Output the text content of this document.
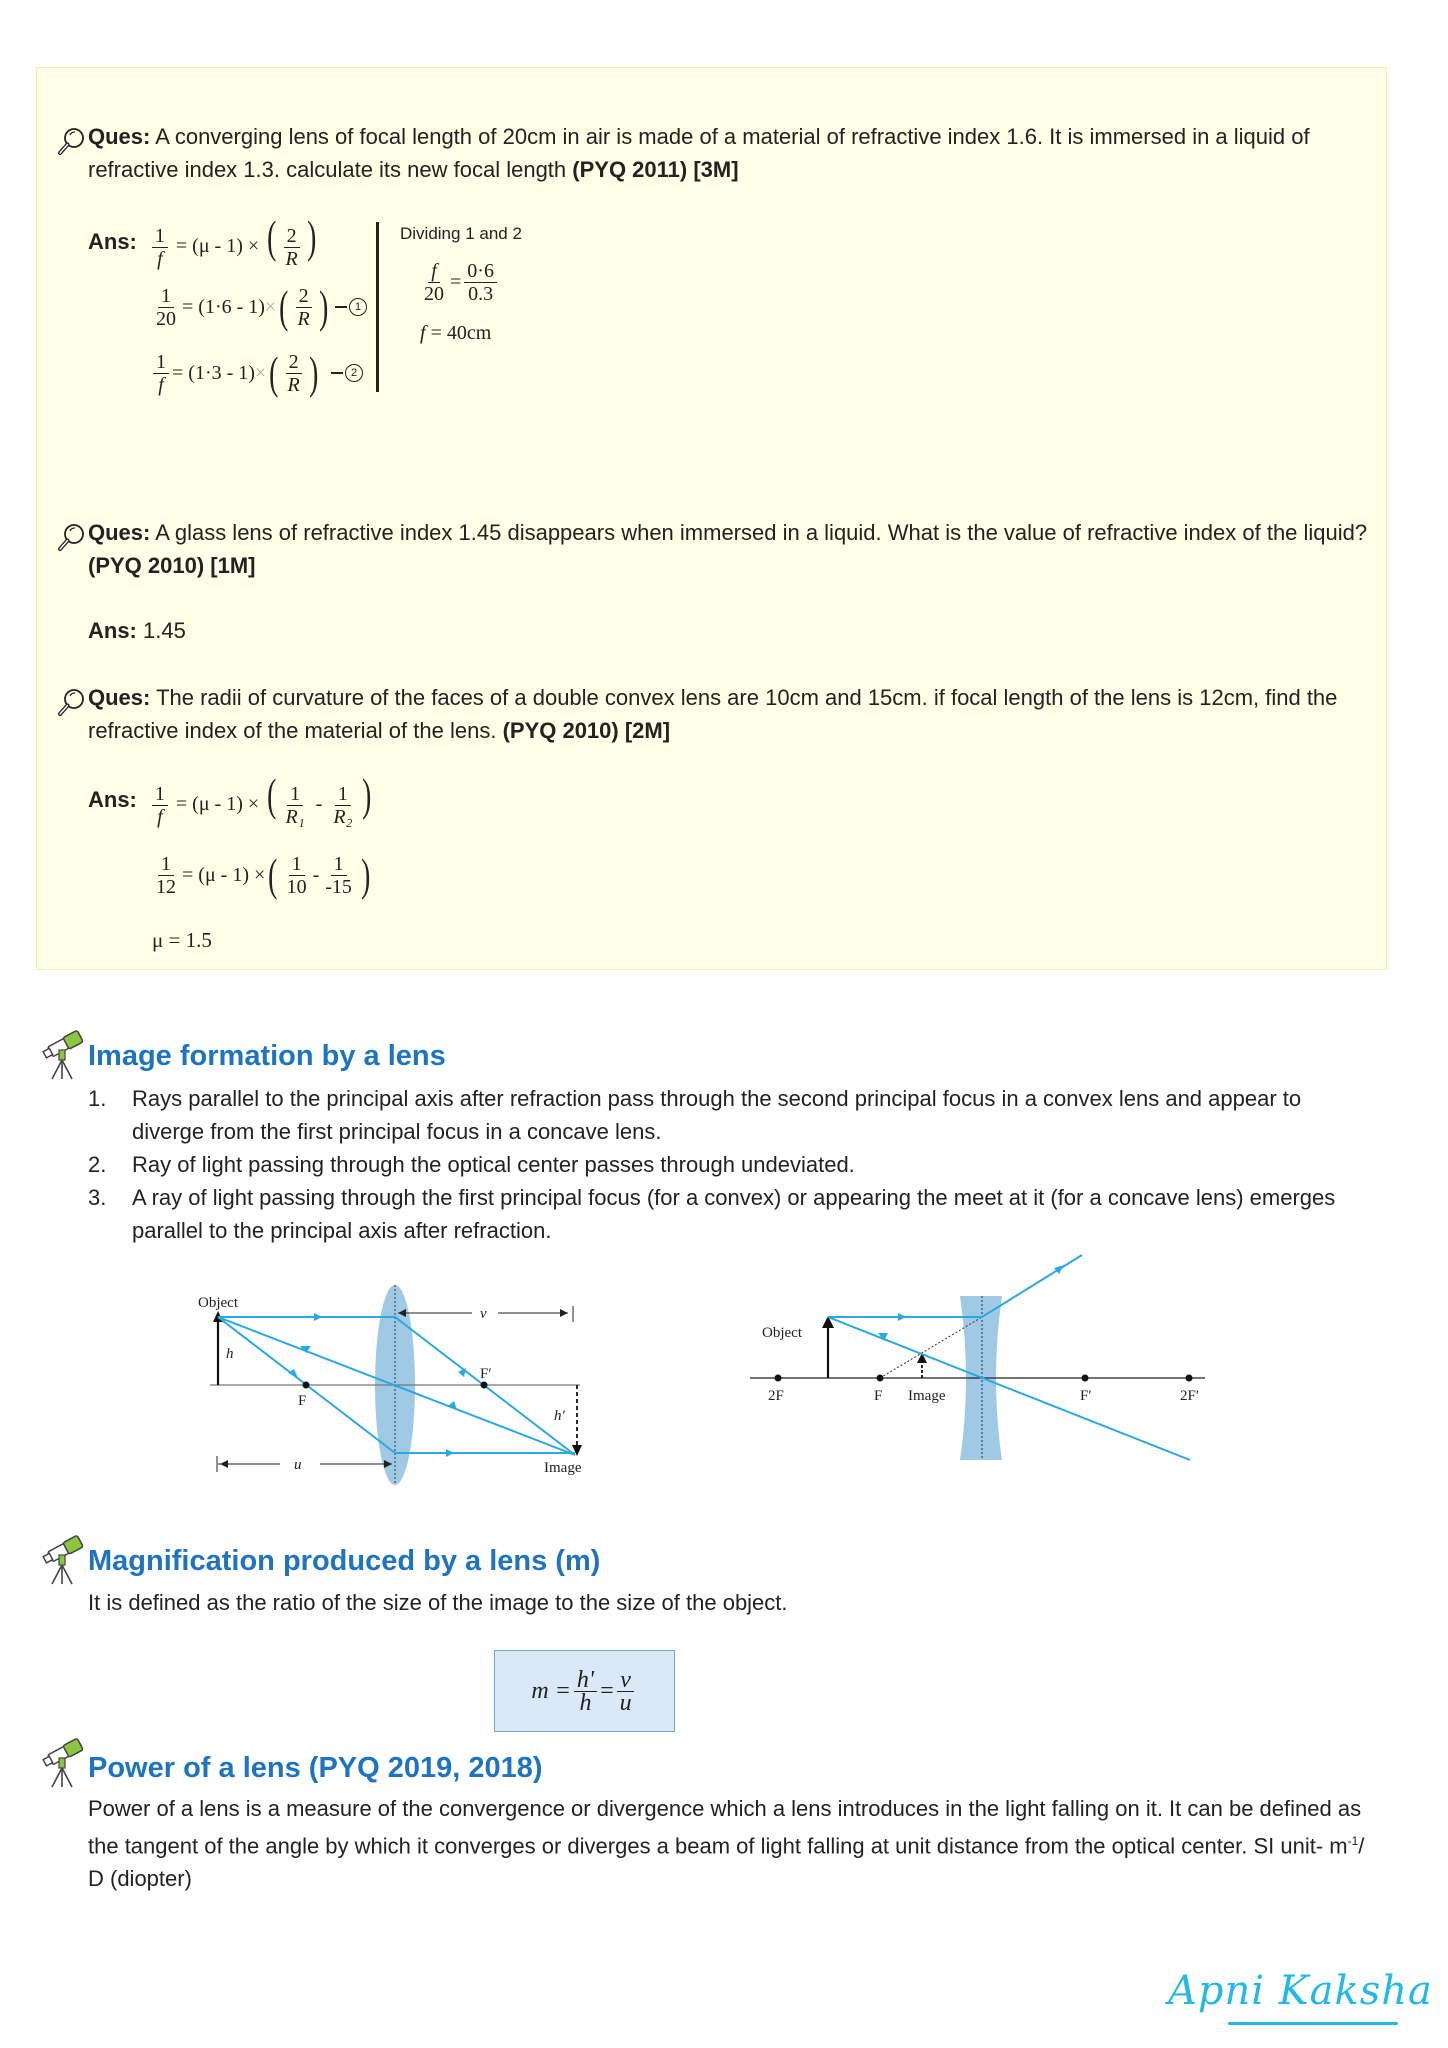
Ques: A converging lens of focal length of 20cm in air is made of a material of refractive index 1.6. It is immersed in a liquid of refractive index 1.3. calculate its new focal length (PYQ 2011) [3M]
Ans: $\frac{1}{f} = (\mu - 1)$ × ( $\frac{2}{R}$ )
$\frac{1}{20} = (1\cdot 6 - 1)$ × ( $\frac{2}{R}$ )	1
$\frac{1}{f} = (1\cdot 3 - 1)$ × ( $\frac{2}{R}$ )	2
Dividing 1 and 2
$\frac{f}{20} = \frac{0\cdot 6}{0.3}$
f = 40cm
Ques: A glass lens of refractive index 1.45 disappears when immersed in a liquid. What is the value of refractive index of the liquid? (PYQ 2010) [1M]
Ans: 1.45
Ques: The radii of curvature of the faces of a double convex lens are 10cm and 15cm. if focal length of the lens is 12cm, find the refractive index of the material of the lens. (PYQ 2010) [2M]
Ans: $\frac{1}{f} = (\mu - 1)$ × ( $\frac{1}{\text{R₁}} - \frac{1}{\text{R₂}}$ )
$\frac{1}{12} = (\mu - 1)$ × ( $\frac{1}{10} - \frac{1}{-15}$ )
μ = 1.5
Image formation by a lens
1. Rays parallel to the principal axis after refraction pass through the second principal focus in a convex lens and appear to diverge from the first principal focus in a concave lens.
2. Ray of light passing through the optical center passes through undeviated.
3. A ray of light passing through the first principal focus (for a convex) or appearing the meet at it (for a concave lens) emerges parallel to the principal axis after refraction.
Object
h
F
F′
v
u
h′
Image
Object
2F	F Image	F′	2F′
Magnification produced by a lens (m)
It is defined as the ratio of the size of the image to the size of the object.
$m = \frac{h'}{h} = \frac{v}{u}$
Power of a lens (PYQ 2019, 2018)
Power of a lens is a measure of the convergence or divergence which a lens introduces in the light falling on it. It can be defined as the tangent of the angle by which it converges or diverges a beam of light falling at unit distance from the optical center. SI unit- $m^{-1}/$ D (diopter)
Apni Kaksha
